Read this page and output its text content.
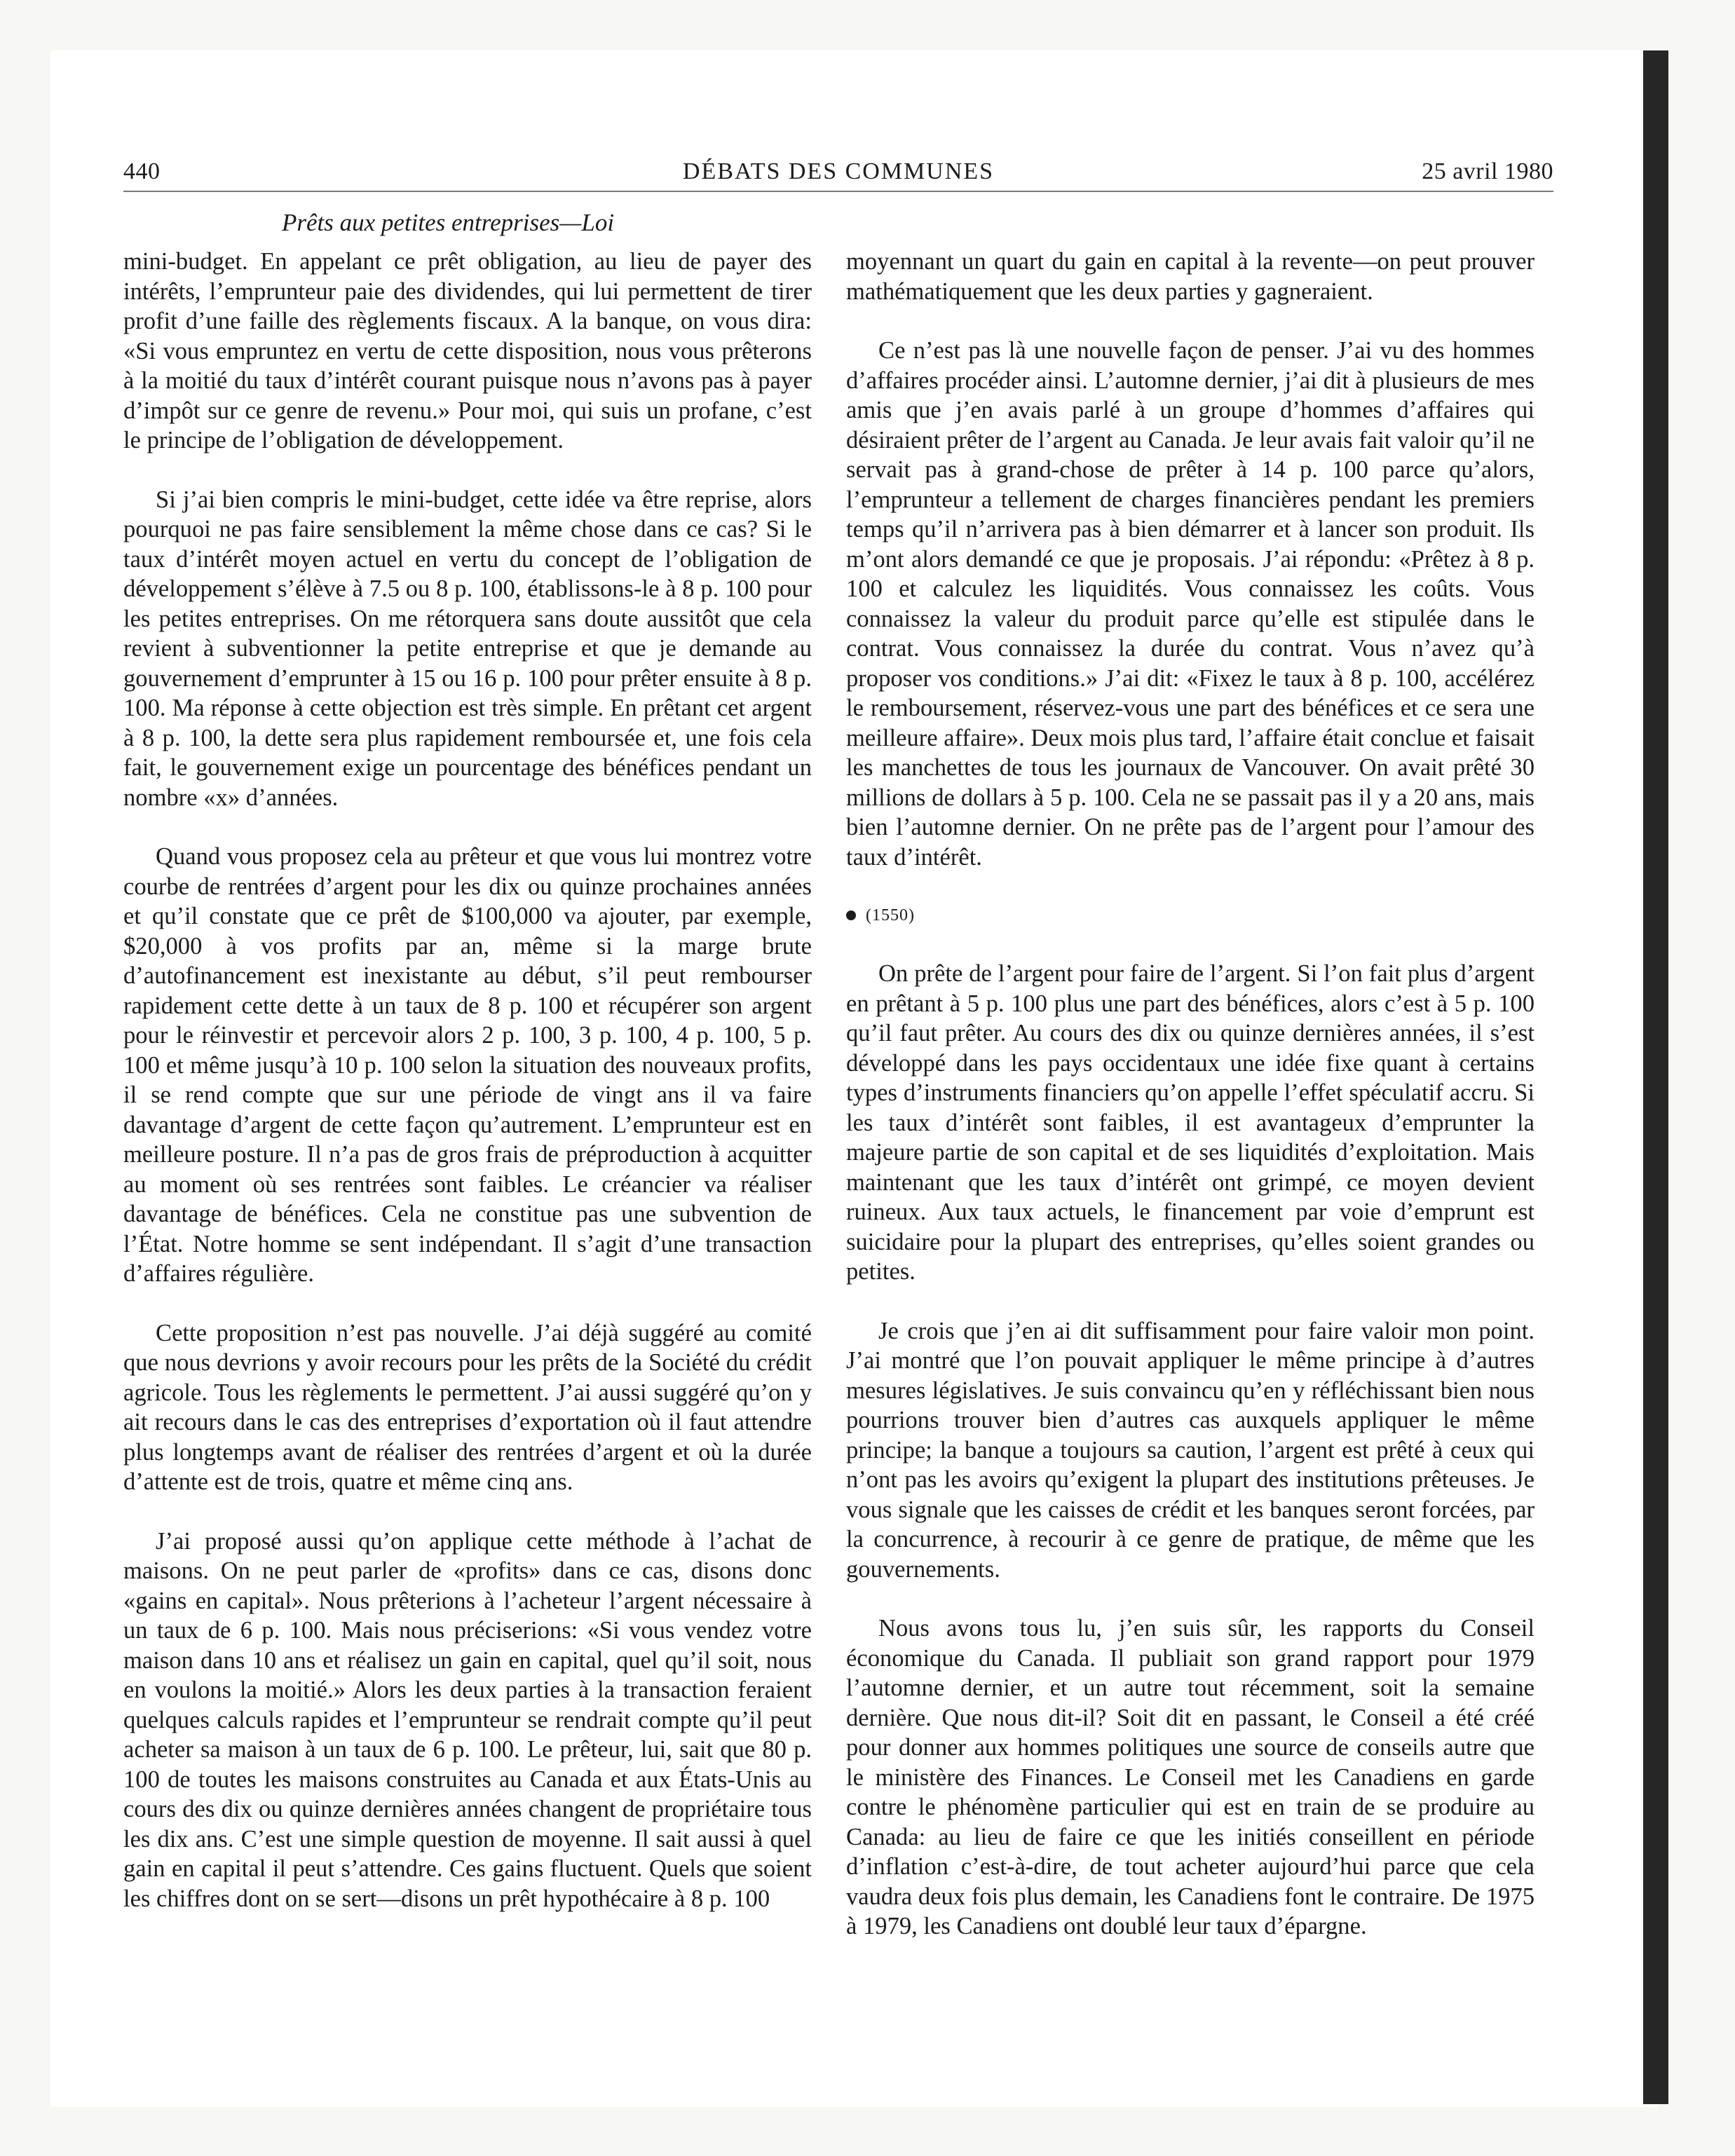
440	DÉBATS DES COMMUNES	25 avril 1980
Prêts aux petites entreprises—Loi

mini-budget. En appelant ce prêt obligation, au lieu de payer des intérêts, l’emprunteur paie des dividendes, qui lui permettent de tirer profit d’une faille des règlements fiscaux. A la banque, on vous dira: «Si vous empruntez en vertu de cette disposition, nous vous prêterons à la moitié du taux d’intérêt courant puisque nous n’avons pas à payer d’impôt sur ce genre de revenu.» Pour moi, qui suis un profane, c’est le principe de l’obligation de développement.

Si j’ai bien compris le mini-budget, cette idée va être reprise, alors pourquoi ne pas faire sensiblement la même chose dans ce cas? Si le taux d’intérêt moyen actuel en vertu du concept de l’obligation de développement s’élève à 7.5 ou 8 p. 100, établissons-le à 8 p. 100 pour les petites entreprises. On me rétorquera sans doute aussitôt que cela revient à subventionner la petite entreprise et que je demande au gouvernement d’emprunter à 15 ou 16 p. 100 pour prêter ensuite à 8 p. 100. Ma réponse à cette objection est très simple. En prêtant cet argent à 8 p. 100, la dette sera plus rapidement remboursée et, une fois cela fait, le gouvernement exige un pourcentage des bénéfices pendant un nombre «x» d’années.

Quand vous proposez cela au prêteur et que vous lui montrez votre courbe de rentrées d’argent pour les dix ou quinze prochaines années et qu’il constate que ce prêt de $100,000 va ajouter, par exemple, $20,000 à vos profits par an, même si la marge brute d’autofinancement est inexistante au début, s’il peut rembourser rapidement cette dette à un taux de 8 p. 100 et récupérer son argent pour le réinvestir et percevoir alors 2 p. 100, 3 p. 100, 4 p. 100, 5 p. 100 et même jusqu’à 10 p. 100 selon la situation des nouveaux profits, il se rend compte que sur une période de vingt ans il va faire davantage d’argent de cette façon qu’autrement. L’emprunteur est en meilleure posture. Il n’a pas de gros frais de préproduction à acquitter au moment où ses rentrées sont faibles. Le créancier va réaliser davantage de bénéfices. Cela ne constitue pas une subvention de l’État. Notre homme se sent indépendant. Il s’agit d’une transaction d’affaires régulière.

Cette proposition n’est pas nouvelle. J’ai déjà suggéré au comité que nous devrions y avoir recours pour les prêts de la Société du crédit agricole. Tous les règlements le permettent. J’ai aussi suggéré qu’on y ait recours dans le cas des entreprises d’exportation où il faut attendre plus longtemps avant de réaliser des rentrées d’argent et où la durée d’attente est de trois, quatre et même cinq ans.

J’ai proposé aussi qu’on applique cette méthode à l’achat de maisons. On ne peut parler de «profits» dans ce cas, disons donc «gains en capital». Nous prêterions à l’acheteur l’argent nécessaire à un taux de 6 p. 100. Mais nous préciserions: «Si vous vendez votre maison dans 10 ans et réalisez un gain en capital, quel qu’il soit, nous en voulons la moitié.» Alors les deux parties à la transaction feraient quelques calculs rapides et l’emprunteur se rendrait compte qu’il peut acheter sa maison à un taux de 6 p. 100. Le prêteur, lui, sait que 80 p. 100 de toutes les maisons construites au Canada et aux États-Unis au cours des dix ou quinze dernières années changent de propriétaire tous les dix ans. C’est une simple question de moyenne. Il sait aussi à quel gain en capital il peut s’attendre. Ces gains fluctuent. Quels que soient les chiffres dont on se sert—disons un prêt hypothécaire à 8 p. 100

moyennant un quart du gain en capital à la revente—on peut prouver mathématiquement que les deux parties y gagneraient.

Ce n’est pas là une nouvelle façon de penser. J’ai vu des hommes d’affaires procéder ainsi. L’automne dernier, j’ai dit à plusieurs de mes amis que j’en avais parlé à un groupe d’hommes d’affaires qui désiraient prêter de l’argent au Canada. Je leur avais fait valoir qu’il ne servait pas à grand-chose de prêter à 14 p. 100 parce qu’alors, l’emprunteur a tellement de charges financières pendant les premiers temps qu’il n’arrivera pas à bien démarrer et à lancer son produit. Ils m’ont alors demandé ce que je proposais. J’ai répondu: «Prêtez à 8 p. 100 et calculez les liquidités. Vous connaissez les coûts. Vous connaissez la valeur du produit parce qu’elle est stipulée dans le contrat. Vous connaissez la durée du contrat. Vous n’avez qu’à proposer vos conditions.» J’ai dit: «Fixez le taux à 8 p. 100, accélérez le remboursement, réservez-vous une part des bénéfices et ce sera une meilleure affaire». Deux mois plus tard, l’affaire était conclue et faisait les manchettes de tous les journaux de Vancouver. On avait prêté 30 millions de dollars à 5 p. 100. Cela ne se passait pas il y a 20 ans, mais bien l’automne dernier. On ne prête pas de l’argent pour l’amour des taux d’intérêt.

(1550)

On prête de l’argent pour faire de l’argent. Si l’on fait plus d’argent en prêtant à 5 p. 100 plus une part des bénéfices, alors c’est à 5 p. 100 qu’il faut prêter. Au cours des dix ou quinze dernières années, il s’est développé dans les pays occidentaux une idée fixe quant à certains types d’instruments financiers qu’on appelle l’effet spéculatif accru. Si les taux d’intérêt sont faibles, il est avantageux d’emprunter la majeure partie de son capital et de ses liquidités d’exploitation. Mais maintenant que les taux d’intérêt ont grimpé, ce moyen devient ruineux. Aux taux actuels, le financement par voie d’emprunt est suicidaire pour la plupart des entreprises, qu’elles soient grandes ou petites.

Je crois que j’en ai dit suffisamment pour faire valoir mon point. J’ai montré que l’on pouvait appliquer le même principe à d’autres mesures législatives. Je suis convaincu qu’en y réfléchissant bien nous pourrions trouver bien d’autres cas auxquels appliquer le même principe; la banque a toujours sa caution, l’argent est prêté à ceux qui n’ont pas les avoirs qu’exigent la plupart des institutions prêteuses. Je vous signale que les caisses de crédit et les banques seront forcées, par la concurrence, à recourir à ce genre de pratique, de même que les gouvernements.

Nous avons tous lu, j’en suis sûr, les rapports du Conseil économique du Canada. Il publiait son grand rapport pour 1979 l’automne dernier, et un autre tout récemment, soit la semaine dernière. Que nous dit-il? Soit dit en passant, le Conseil a été créé pour donner aux hommes politiques une source de conseils autre que le ministère des Finances. Le Conseil met les Canadiens en garde contre le phénomène particulier qui est en train de se produire au Canada: au lieu de faire ce que les initiés conseillent en période d’inflation c’est-à-dire, de tout acheter aujourd’hui parce que cela vaudra deux fois plus demain, les Canadiens font le contraire. De 1975 à 1979, les Canadiens ont doublé leur taux d’épargne.
